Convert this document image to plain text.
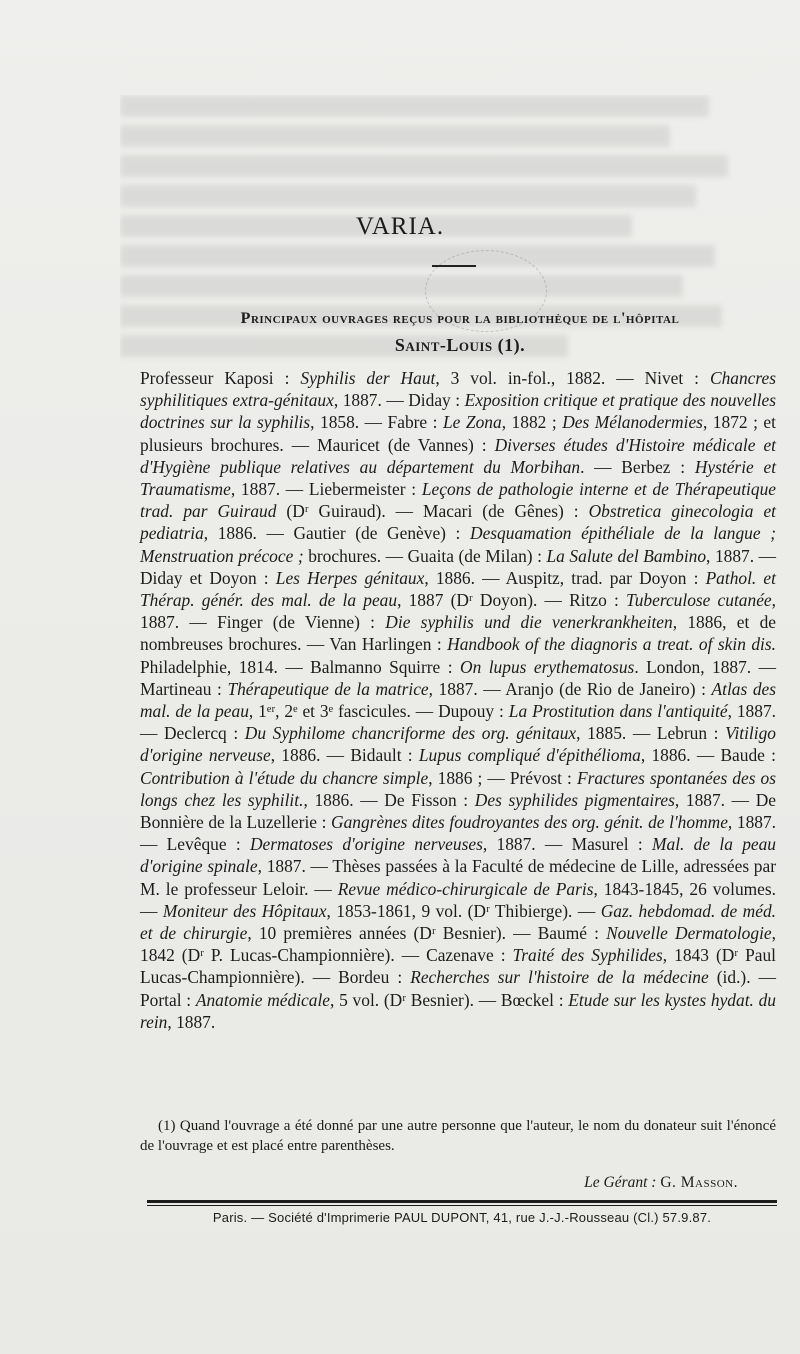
VARIA.
Principaux ouvrages reçus pour la bibliothèque de l'hôpital
Saint-Louis (1).
Professeur Kaposi : Syphilis der Haut, 3 vol. in-fol., 1882. — Nivet : Chancres syphilitiques extra-génitaux, 1887. — Diday : Exposition critique et pratique des nouvelles doctrines sur la syphilis, 1858. — Fabre : Le Zona, 1882 ; Des Mélanodermies, 1872 ; et plusieurs brochures. — Mauricet (de Vannes) : Diverses études d'Histoire médicale et d'Hygiène publique relatives au département du Morbihan. — Berbez : Hystérie et Traumatisme, 1887. — Liebermeister : Leçons de pathologie interne et de Thérapeutique trad. par Guiraud (Dʳ Guiraud). — Macari (de Gênes) : Obstretica ginecologia et pediatria, 1886. — Gautier (de Genève) : Desquamation épithéliale de la langue ; Menstruation précoce ; brochures. — Guaita (de Milan) : La Salute del Bambino, 1887. — Diday et Doyon : Les Herpes génitaux, 1886. — Auspitz, trad. par Doyon : Pathol. et Thérap. génér. des mal. de la peau, 1887 (Dʳ Doyon). — Ritzo : Tuberculose cutanée, 1887. — Finger (de Vienne) : Die syphilis und die venerkrankheiten, 1886, et de nombreuses brochures. — Van Harlingen : Handbook of the diagnoris a treat. of skin dis. Philadelphie, 1814. — Balmanno Squirre : On lupus erythematosus. London, 1887. — Martineau : Thérapeutique de la matrice, 1887. — Aranjo (de Rio de Janeiro) : Atlas des mal. de la peau, 1ᵉʳ, 2ᵉ et 3ᵉ fascicules. — Dupouy : La Prostitution dans l'antiquité, 1887. — Declercq : Du Syphilome chancriforme des org. génitaux, 1885. — Lebrun : Vitiligo d'origine nerveuse, 1886. — Bidault : Lupus compliqué d'épithélioma, 1886. — Baude : Contribution à l'étude du chancre simple, 1886 ; — Prévost : Fractures spontanées des os longs chez les syphilit., 1886. — De Fisson : Des syphilides pigmentaires, 1887. — De Bonnière de la Luzellerie : Gangrènes dites foudroyantes des org. génit. de l'homme, 1887. — Levêque : Dermatoses d'origine nerveuses, 1887. — Masurel : Mal. de la peau d'origine spinale, 1887. — Thèses passées à la Faculté de médecine de Lille, adressées par M. le professeur Leloir. — Revue médico-chirurgicale de Paris, 1843-1845, 26 volumes. — Moniteur des Hôpitaux, 1853-1861, 9 vol. (Dʳ Thibierge). — Gaz. hebdomad. de méd. et de chirurgie, 10 premières années (Dʳ Besnier). — Baumé : Nouvelle Dermatologie, 1842 (Dʳ P. Lucas-Championnière). — Cazenave : Traité des Syphilides, 1843 (Dʳ Paul Lucas-Championnière). — Bordeu : Recherches sur l'histoire de la médecine (id.). — Portal : Anatomie médicale, 5 vol. (Dʳ Besnier). — Bœckel : Etude sur les kystes hydat. du rein, 1887.
(1) Quand l'ouvrage a été donné par une autre personne que l'auteur, le nom du donateur suit l'énoncé de l'ouvrage et est placé entre parenthèses.
Le Gérant : G. Masson.
Paris. — Société d'Imprimerie PAUL DUPONT, 41, rue J.-J.-Rousseau (Cl.) 57.9.87.
